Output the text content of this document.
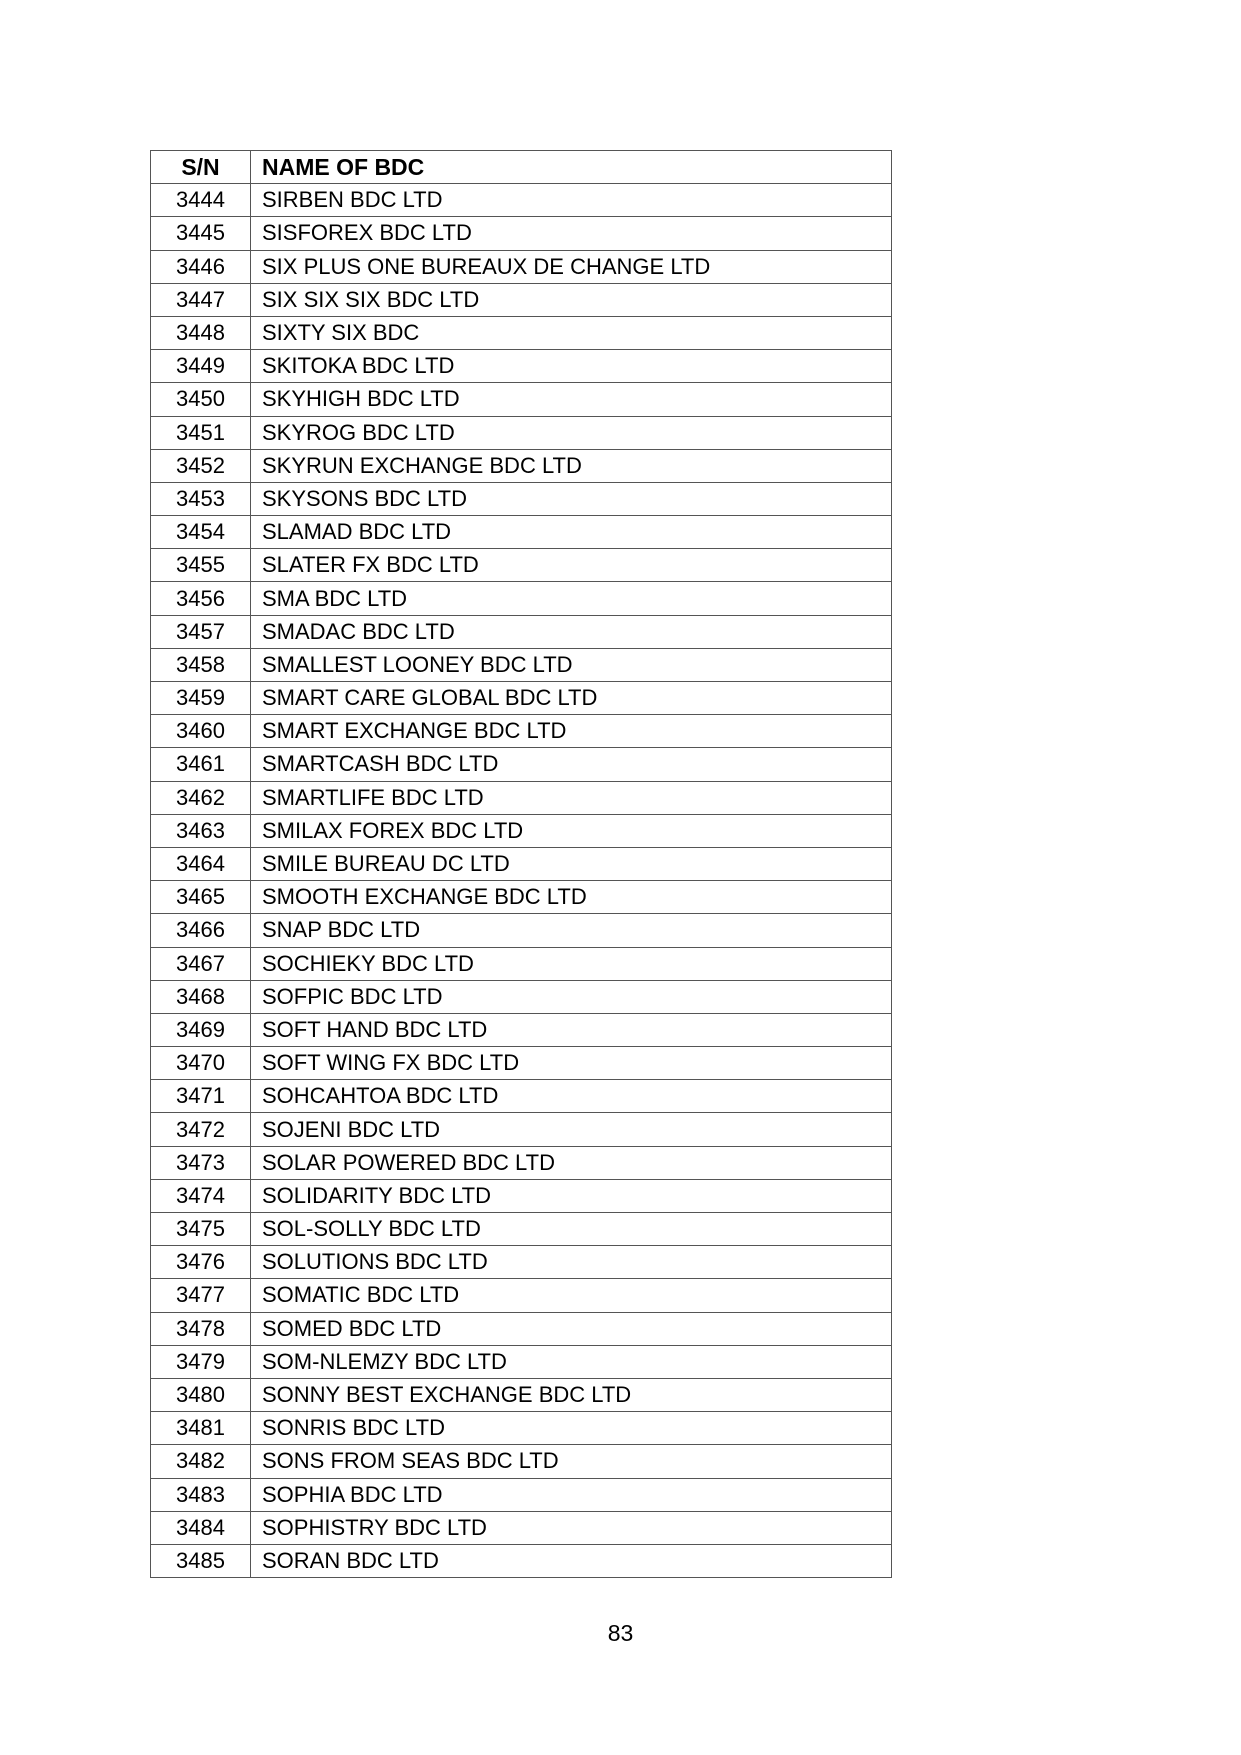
S/N	NAME OF BDC
3444	SIRBEN BDC LTD
3445	SISFOREX BDC LTD
3446	SIX PLUS ONE BUREAUX DE CHANGE LTD
3447	SIX SIX SIX BDC LTD
3448	SIXTY SIX BDC
3449	SKITOKA BDC LTD
3450	SKYHIGH BDC LTD
3451	SKYROG BDC LTD
3452	SKYRUN EXCHANGE BDC LTD
3453	SKYSONS BDC LTD
3454	SLAMAD BDC LTD
3455	SLATER FX BDC LTD
3456	SMA BDC LTD
3457	SMADAC BDC LTD
3458	SMALLEST LOONEY BDC LTD
3459	SMART CARE GLOBAL BDC LTD
3460	SMART EXCHANGE BDC LTD
3461	SMARTCASH BDC LTD
3462	SMARTLIFE BDC LTD
3463	SMILAX FOREX BDC LTD
3464	SMILE BUREAU DC LTD
3465	SMOOTH EXCHANGE BDC LTD
3466	SNAP BDC LTD
3467	SOCHIEKY BDC LTD
3468	SOFPIC BDC LTD
3469	SOFT HAND BDC LTD
3470	SOFT WING FX BDC LTD
3471	SOHCAHTOA BDC LTD
3472	SOJENI BDC LTD
3473	SOLAR POWERED BDC LTD
3474	SOLIDARITY BDC LTD
3475	SOL-SOLLY BDC LTD
3476	SOLUTIONS BDC LTD
3477	SOMATIC BDC LTD
3478	SOMED BDC LTD
3479	SOM-NLEMZY BDC LTD
3480	SONNY BEST EXCHANGE BDC LTD
3481	SONRIS BDC LTD
3482	SONS FROM SEAS BDC LTD
3483	SOPHIA BDC LTD
3484	SOPHISTRY BDC LTD
3485	SORAN BDC LTD
83
